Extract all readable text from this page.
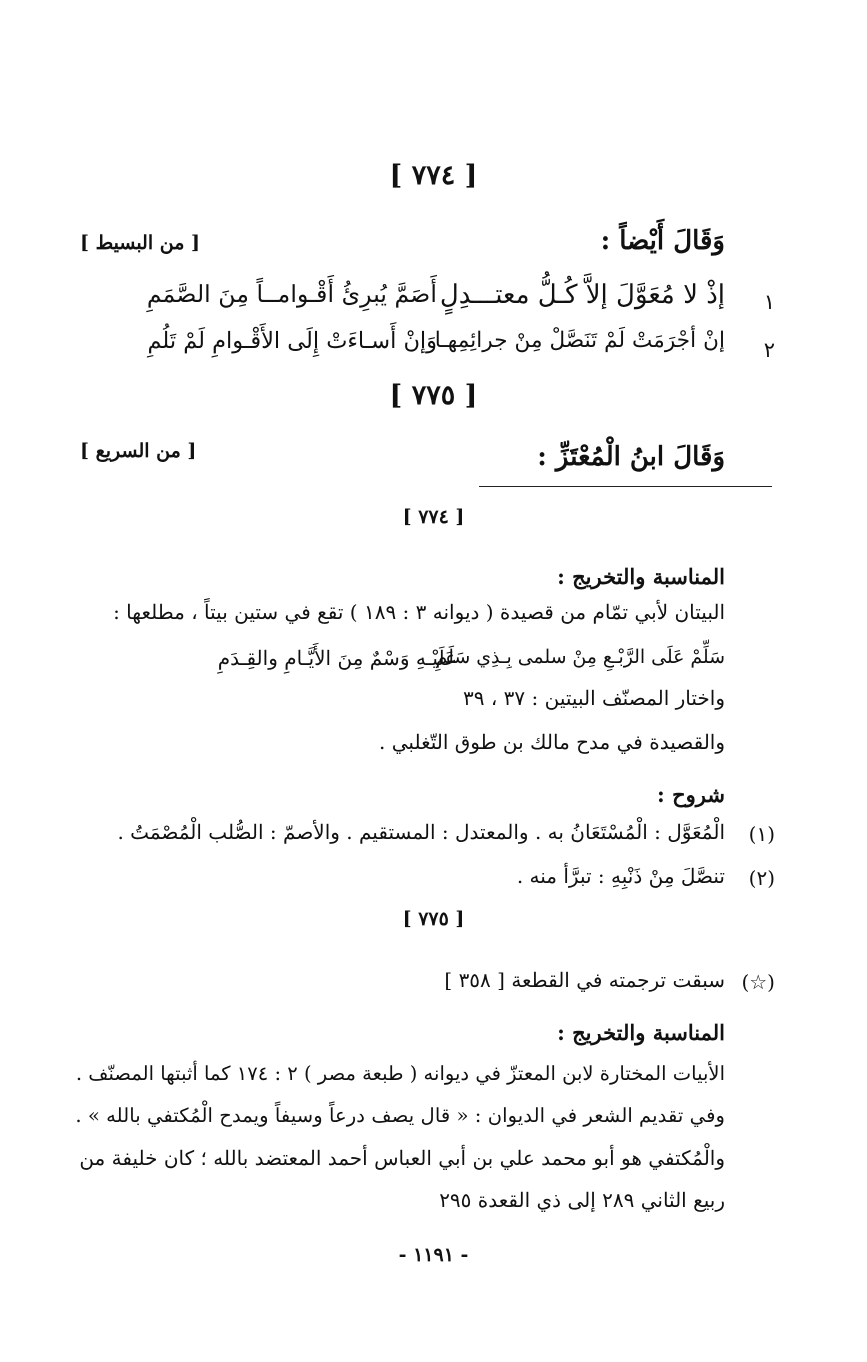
[ ٧٧٤ ]
وَقَالَ أَيْضاً :
[ من البسيط ]
١
إذْ لا مُعَوَّلَ إلاَّ كُـلُّ معتـــدِلٍ
أَصَمَّ يُبرِئُ أَقْـوامــاً مِنَ الصَّمَمِ
٢
إنْ أجْرَمَتْ لَمْ تَنَصَّلْ مِنْ جرائِمِهـا
وَإنْ أَسـاءَتْ إِلَى الأَقْـوامِ لَمْ تَلُمِ
[ ٧٧٥ ]
وَقَالَ ابنُ الْمُعْتَزِّ :
[ من السريع ]
[ ٧٧٤ ]
المناسبة والتخريج :
البيتان لأبي تمّام من قصيدة ( ديوانه ٣ : ١٨٩ ) تقع في ستين بيتاً ، مطلعها :
سَلِّمْ عَلَى الرَّبْـعِ مِنْ سلمى بِـذِي سَلَمِ
عَلَيْـهِ وَسْمٌ مِنَ الأَيَّـامِ والقِـدَمِ
واختار المصنّف البيتين : ٣٧ ، ٣٩
والقصيدة في مدح مالك بن طوق التّغلبي .
شروح :
(١)
الْمُعَوَّل : الْمُسْتَعَانُ به . والمعتدل : المستقيم . والأصمّ : الصُّلب الْمُصْمَتُ .
(٢)
تنصَّلَ مِنْ ذَنْبِهِ : تبرَّأ منه .
[ ٧٧٥ ]
(☆)
سبقت ترجمته في القطعة [ ٣٥٨ ]
المناسبة والتخريج :
الأبيات المختارة لابن المعتزّ في ديوانه ( طبعة مصر ) ٢ : ١٧٤ كما أثبتها المصنّف .
وفي تقديم الشعر في الديوان : « قال يصف درعاً وسيفاً ويمدح الْمُكتفي بالله » .
والْمُكتفي هو أبو محمد علي بن أبي العباس أحمد المعتضد بالله ؛ كان خليفة من
ربيع الثاني ٢٨٩ إلى ذي القعدة ٢٩٥
- ١١٩١ -
